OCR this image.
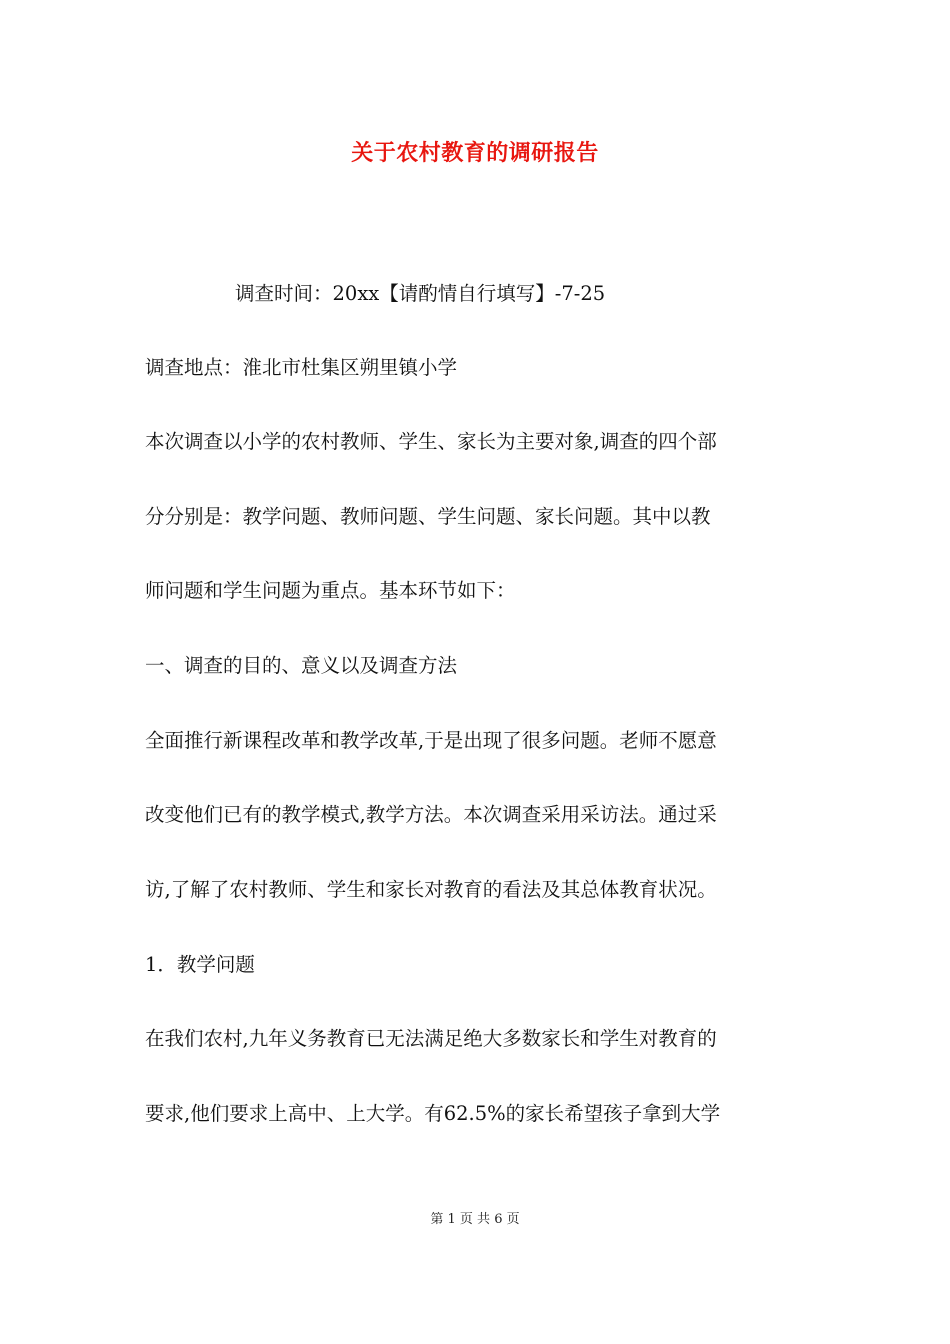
关于农村教育的调研报告
调查时间：20xx【请酌情自行填写】-7-25
调查地点：淮北市杜集区朔里镇小学
本次调查以小学的农村教师、学生、家长为主要对象,调查的四个部
分分别是：教学问题、教师问题、学生问题、家长问题。其中以教
师问题和学生问题为重点。基本环节如下：
一、调查的目的、意义以及调查方法
全面推行新课程改革和教学改革,于是出现了很多问题。老师不愿意
改变他们已有的教学模式,教学方法。本次调查采用采访法。通过采
访,了解了农村教师、学生和家长对教育的看法及其总体教育状况。
1．教学问题
在我们农村,九年义务教育已无法满足绝大多数家长和学生对教育的
要求,他们要求上高中、上大学。有62.5%的家长希望孩子拿到大学
第 1 页 共 6 页
